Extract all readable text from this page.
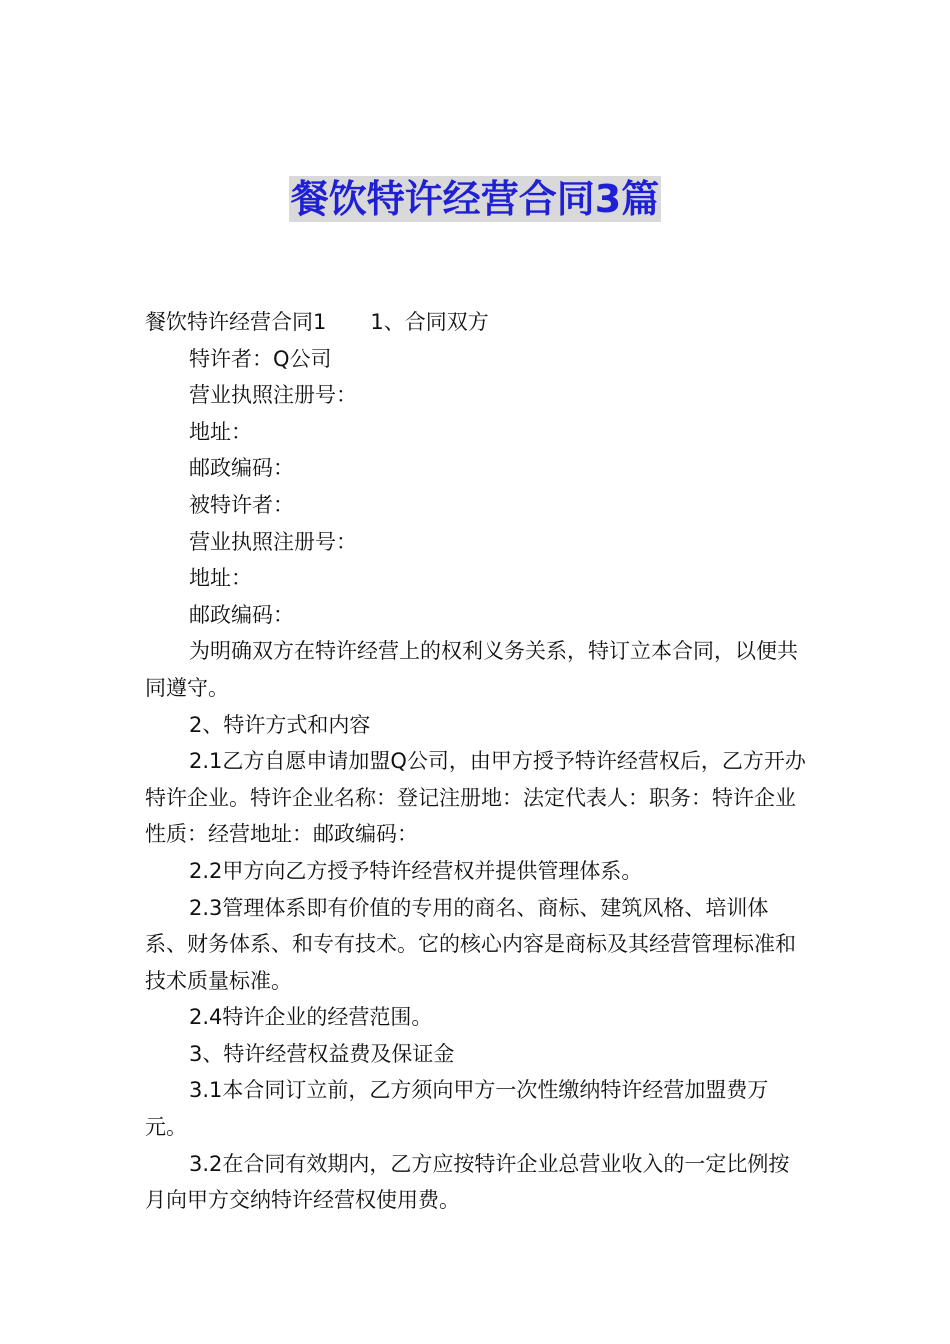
餐饮特许经营合同3篇

餐饮特许经营合同1 1、合同双方

特许者：Q公司

营业执照注册号：

地址：

邮政编码：

被特许者：

营业执照注册号：

地址：

邮政编码：

为明确双方在特许经营上的权利义务关系，特订立本合同，以便共同遵守。

2、特许方式和内容

2.1乙方自愿申请加盟Q公司，由甲方授予特许经营权后，乙方开办特许企业。特许企业名称：登记注册地：法定代表人：职务：特许企业性质：经营地址：邮政编码：

2.2甲方向乙方授予特许经营权并提供管理体系。

2.3管理体系即有价值的专用的商名、商标、建筑风格、培训体系、财务体系、和专有技术。它的核心内容是商标及其经营管理标准和技术质量标准。

2.4特许企业的经营范围。

3、特许经营权益费及保证金

3.1本合同订立前，乙方须向甲方一次性缴纳特许经营加盟费万元。

3.2在合同有效期内，乙方应按特许企业总营业收入的一定比例按月向甲方交纳特许经营权使用费。
